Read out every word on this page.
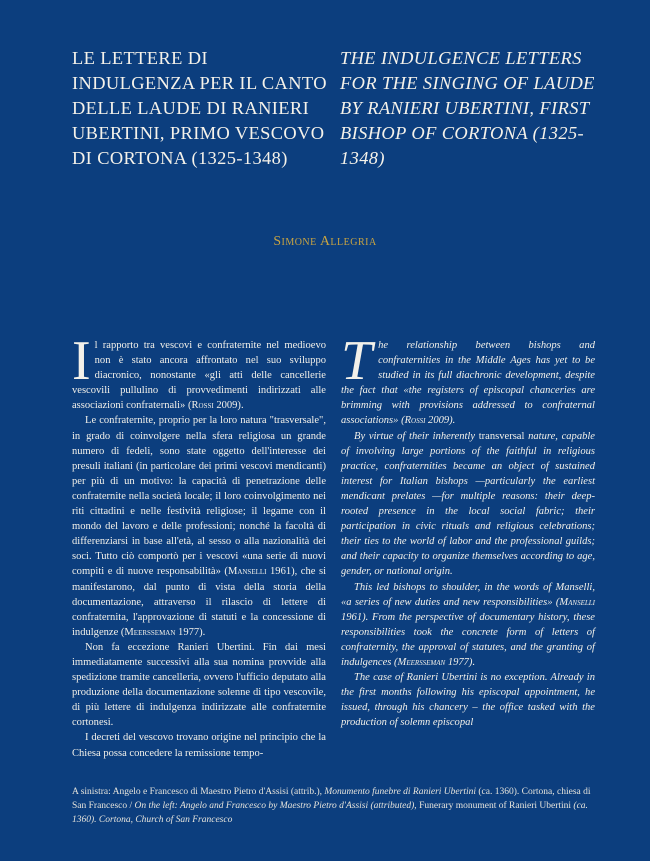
LE LETTERE DI INDULGENZA PER IL CANTO DELLE LAUDE DI RANIERI UBERTINI, PRIMO VESCOVO DI CORTONA (1325-1348)
THE INDULGENCE LETTERS FOR THE SINGING OF LAUDE BY RANIERI UBERTINI, FIRST BISHOP OF CORTONA (1325-1348)

Simone Allegria

Il rapporto tra vescovi e confraternite nel medioevo non è stato ancora affrontato nel suo sviluppo diacronico, nonostante «gli atti delle cancellerie vescovili pullulino di provvedimenti indirizzati alle associazioni confraternali» (Rossi 2009).

Le confraternite, proprio per la loro natura "trasversale", in grado di coinvolgere nella sfera religiosa un grande numero di fedeli, sono state oggetto dell'interesse dei presuli italiani (in particolare dei primi vescovi mendicanti) per più di un motivo: la capacità di penetrazione delle confraternite nella società locale; il loro coinvolgimento nei riti cittadini e nelle festività religiose; il legame con il mondo del lavoro e delle professioni; nonché la facoltà di differenziarsi in base all'età, al sesso o alla nazionalità dei soci. Tutto ciò comportò per i vescovi «una serie di nuovi compiti e di nuove responsabilità» (Manselli 1961), che si manifestarono, dal punto di vista della storia della documentazione, attraverso il rilascio di lettere di confraternita, l'approvazione di statuti e la concessione di indulgenze (Meersseman 1977).

Non fa eccezione Ranieri Ubertini. Fin dai mesi immediatamente successivi alla sua nomina provvide alla spedizione tramite cancelleria, ovvero l'ufficio deputato alla produzione della documentazione solenne di tipo vescovile, di più lettere di indulgenza indirizzate alle confraternite cortonesi.

I decreti del vescovo trovano origine nel principio che la Chiesa possa concedere la remissione tempo-

The relationship between bishops and confraternities in the Middle Ages has yet to be studied in its full diachronic development, despite the fact that «the registers of episcopal chanceries are brimming with provisions addressed to confraternal associations» (Rossi 2009).

By virtue of their inherently transversal nature, capable of involving large portions of the faithful in religious practice, confraternities became an object of sustained interest for Italian bishops —particularly the earliest mendicant prelates —for multiple reasons: their deep-rooted presence in the local social fabric; their participation in civic rituals and religious celebrations; their ties to the world of labor and the professional guilds; and their capacity to organize themselves according to age, gender, or national origin.

This led bishops to shoulder, in the words of Manselli, «a series of new duties and new responsibilities» (Manselli 1961). From the perspective of documentary history, these responsibilities took the concrete form of letters of confraternity, the approval of statutes, and the granting of indulgences (Meersseman 1977).

The case of Ranieri Ubertini is no exception. Already in the first months following his episcopal appointment, he issued, through his chancery – the office tasked with the production of solemn episcopal

A sinistra: Angelo e Francesco di Maestro Pietro d'Assisi (attrib.), Monumento funebre di Ranieri Ubertini (ca. 1360). Cortona, chiesa di San Francesco / On the left: Angelo and Francesco by Maestro Pietro d'Assisi (attributed), Funerary monument of Ranieri Ubertini (ca. 1360). Cortona, Church of San Francesco
